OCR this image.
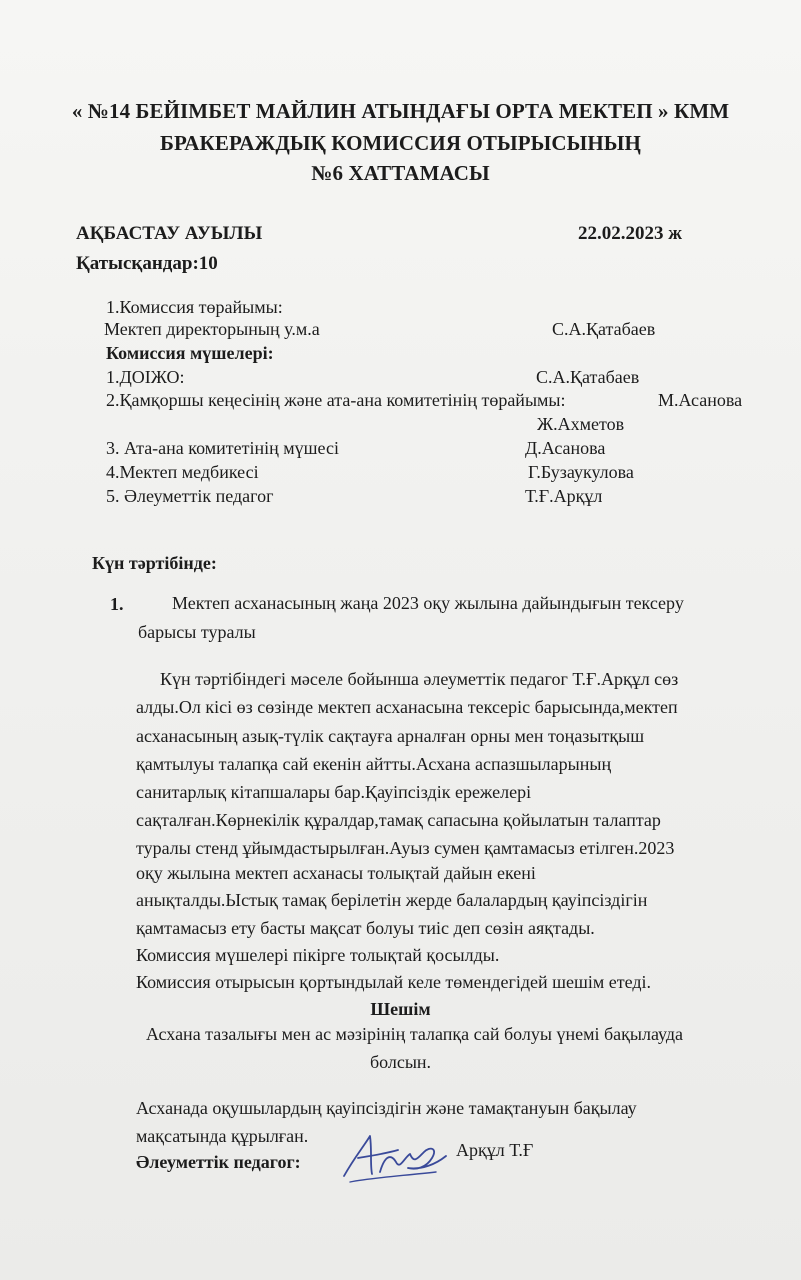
« №14 БЕЙІМБЕТ МАЙЛИН АТЫНДАҒЫ ОРТА МЕКТЕП » КММ
БРАКЕРАЖДЫҚ КОМИССИЯ ОТЫРЫСЫНЫҢ
№6 ХАТТАМАСЫ
АҚБАСТАУ АУЫЛЫ	22.02.2023 ж
Қатысқандар:10
1.Комиссия төрайымы:
Мектеп директорының у.м.а	С.А.Қатабаев
Комиссия мүшелері:
1.ДОІЖО:	С.А.Қатабаев
2.Қамқоршы кеңесінің және ата-ана комитетінің төрайымы:	М.Асанова
Ж.Ахметов
3. Ата-ана комитетінің мүшесі	Д.Асанова
4.Мектеп медбикесі	Г.Бузаукулова
5. Әлеуметтік педагог	Т.Ғ.Арқұл
Күн тәртібінде:
1.	Мектеп асханасының жаңа 2023 оқу жылына дайындығын тексеру
барысы туралы
Күн тәртібіндегі мәселе бойынша әлеуметтік педагог Т.Ғ.Арқұл сөз
алды.Ол кісі өз сөзінде мектеп асханасына тексеріс барысында,мектеп
асханасының азық-түлік сақтауға арналған орны мен тоңазытқыш
қамтылуы талапқа сай екенін айтты.Асхана аспазшыларының
санитарлық кітапшалары бар.Қауіпсіздік ережелері
сақталған.Көрнекілік құралдар,тамақ сапасына қойылатын талаптар
туралы стенд ұйымдастырылған.Ауыз сумен қамтамасыз етілген.2023
оқу жылына мектеп асханасы толықтай дайын екені
анықталды.Ыстық тамақ берілетін жерде балалардың қауіпсіздігін
қамтамасыз ету басты мақсат болуы тиіс деп сөзін аяқтады.
Комиссия мүшелері пікірге толықтай қосылды.
Комиссия отырысын қортындылай келе төмендегідей шешім етеді.
Шешім
Асхана тазалығы мен ас мәзірінің талапқа сай болуы үнемі бақылауда
болсын.
Асханада оқушылардың қауіпсіздігін және тамақтануын бақылау
мақсатында құрылған.
Әлеуметтік педагог:
Арқұл Т.Ғ
